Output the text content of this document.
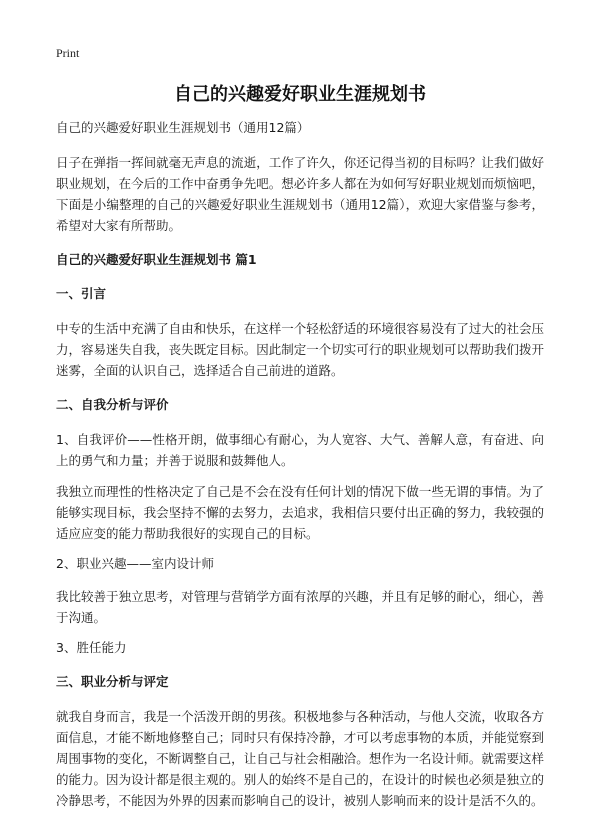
Print
自己的兴趣爱好职业生涯规划书
自己的兴趣爱好职业生涯规划书（通用12篇）

日子在弹指一挥间就毫无声息的流逝，工作了许久，你还记得当初的目标吗？让我们做好职业规划，在今后的工作中奋勇争先吧。想必许多人都在为如何写好职业规划而烦恼吧，下面是小编整理的自己的兴趣爱好职业生涯规划书（通用12篇），欢迎大家借鉴与参考，希望对大家有所帮助。

自己的兴趣爱好职业生涯规划书 篇1
一、引言

中专的生活中充满了自由和快乐，在这样一个轻松舒适的环境很容易没有了过大的社会压力，容易迷失自我，丧失既定目标。因此制定一个切实可行的职业规划可以帮助我们拨开迷雾，全面的认识自己，选择适合自己前进的道路。

二、自我分析与评价

1、自我评价——性格开朗，做事细心有耐心，为人宽容、大气、善解人意，有奋进、向上的勇气和力量；并善于说服和鼓舞他人。

我独立而理性的性格决定了自己是不会在没有任何计划的情况下做一些无谓的事情。为了能够实现目标，我会坚持不懈的去努力，去追求，我相信只要付出正确的努力，我较强的适应应变的能力帮助我很好的实现自己的目标。

2、职业兴趣——室内设计师

我比较善于独立思考，对管理与营销学方面有浓厚的兴趣，并且有足够的耐心，细心，善于沟通。

3、胜任能力
三、职业分析与评定

就我自身而言，我是一个活泼开朗的男孩。积极地参与各种活动，与他人交流，收取各方面信息，才能不断地修整自己；同时只有保持冷静，才可以考虑事物的本质，并能觉察到周围事物的变化，不断调整自己，让自己与社会相融洽。想作为一名设计师。就需要这样的能力。因为设计都是很主观的。别人的始终不是自己的，在设计的时候也必须是独立的冷静思考，不能因为外界的因素而影响自己的设计，被别人影响而来的设计是活不久的。
